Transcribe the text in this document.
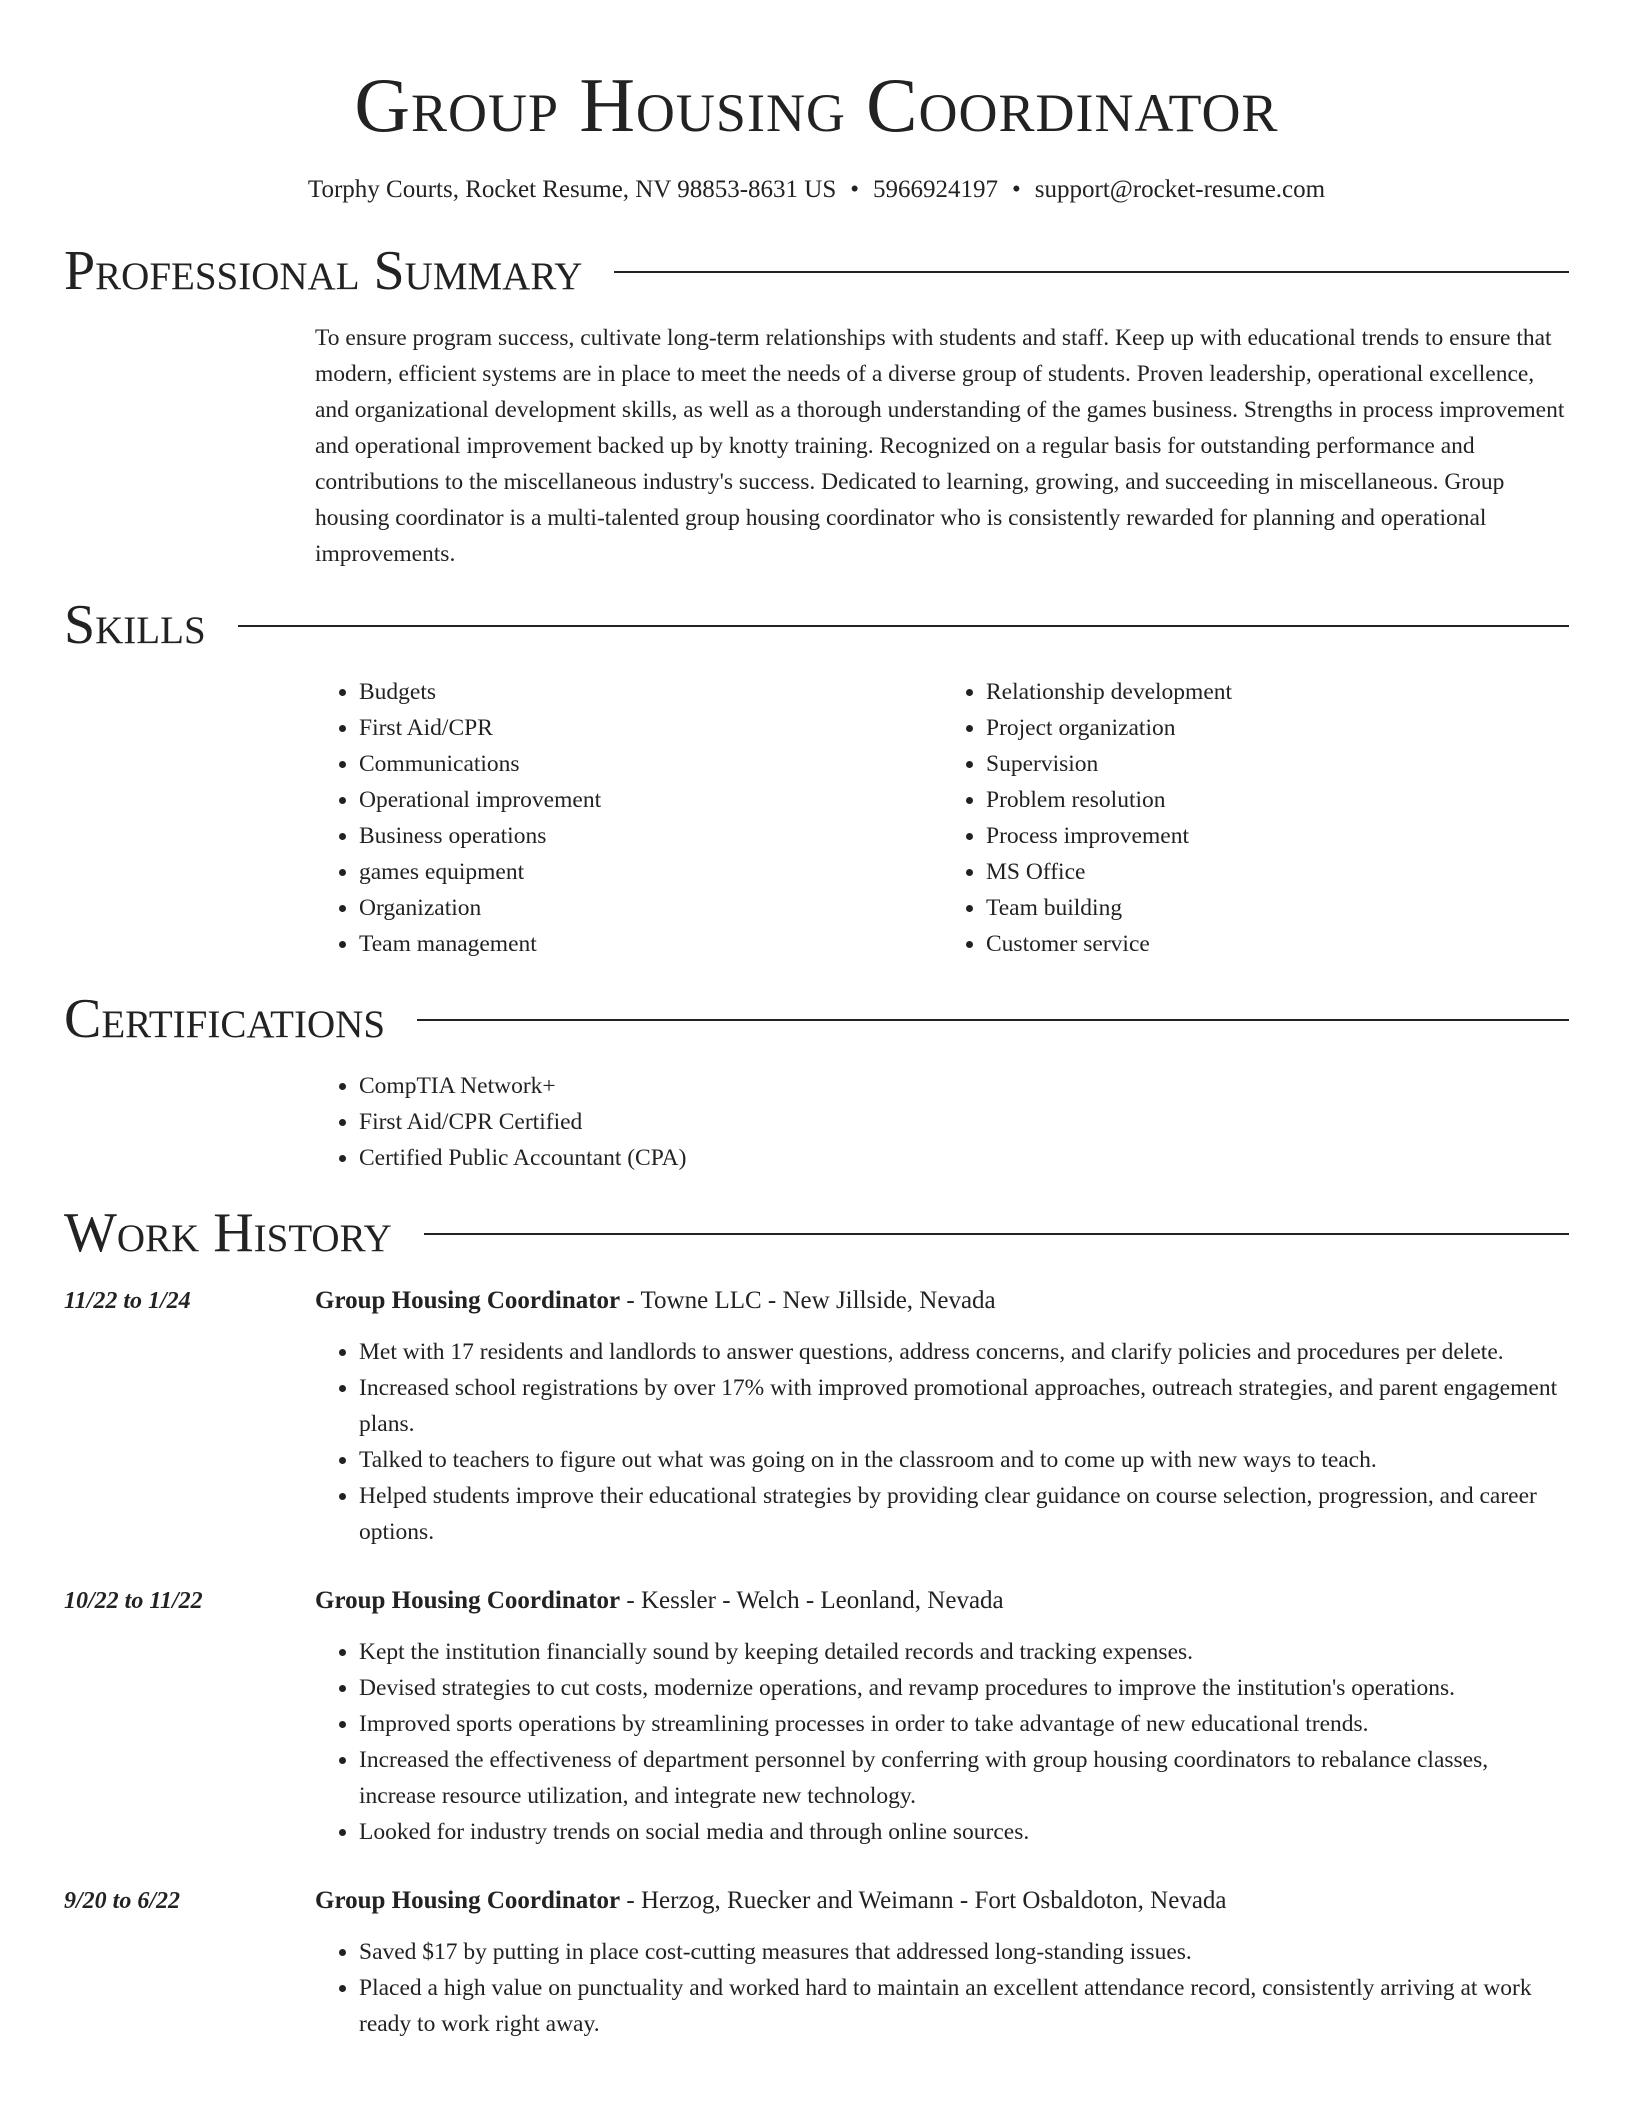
Group Housing Coordinator
Torphy Courts, Rocket Resume, NV 98853-8631 US • 5966924197 • support@rocket-resume.com
Professional Summary

To ensure program success, cultivate long-term relationships with students and staff. Keep up with educational trends to ensure that modern, efficient systems are in place to meet the needs of a diverse group of students. Proven leadership, operational excellence, and organizational development skills, as well as a thorough understanding of the games business. Strengths in process improvement and operational improvement backed up by knotty training. Recognized on a regular basis for outstanding performance and contributions to the miscellaneous industry's success. Dedicated to learning, growing, and succeeding in miscellaneous. Group housing coordinator is a multi-talented group housing coordinator who is consistently rewarded for planning and operational improvements.

Skills
• Budgets
• First Aid/CPR
• Communications
• Operational improvement
• Business operations
• games equipment
• Organization
• Team management
• Relationship development
• Project organization
• Supervision
• Problem resolution
• Process improvement
• MS Office
• Team building
• Customer service
Certifications
• CompTIA Network+
• First Aid/CPR Certified
• Certified Public Accountant (CPA)
Work History
11/22 to 1/24	Group Housing Coordinator - Towne LLC - New Jillside, Nevada
• Met with 17 residents and landlords to answer questions, address concerns, and clarify policies and procedures per delete.
• Increased school registrations by over 17% with improved promotional approaches, outreach strategies, and parent engagement plans.
• Talked to teachers to figure out what was going on in the classroom and to come up with new ways to teach.
• Helped students improve their educational strategies by providing clear guidance on course selection, progression, and career options.
10/22 to 11/22	Group Housing Coordinator - Kessler - Welch - Leonland, Nevada
• Kept the institution financially sound by keeping detailed records and tracking expenses.
• Devised strategies to cut costs, modernize operations, and revamp procedures to improve the institution's operations.
• Improved sports operations by streamlining processes in order to take advantage of new educational trends.
• Increased the effectiveness of department personnel by conferring with group housing coordinators to rebalance classes, increase resource utilization, and integrate new technology.
• Looked for industry trends on social media and through online sources.
9/20 to 6/22	Group Housing Coordinator - Herzog, Ruecker and Weimann - Fort Osbaldoton, Nevada
• Saved $17 by putting in place cost-cutting measures that addressed long-standing issues.
• Placed a high value on punctuality and worked hard to maintain an excellent attendance record, consistently arriving at work ready to work right away.
